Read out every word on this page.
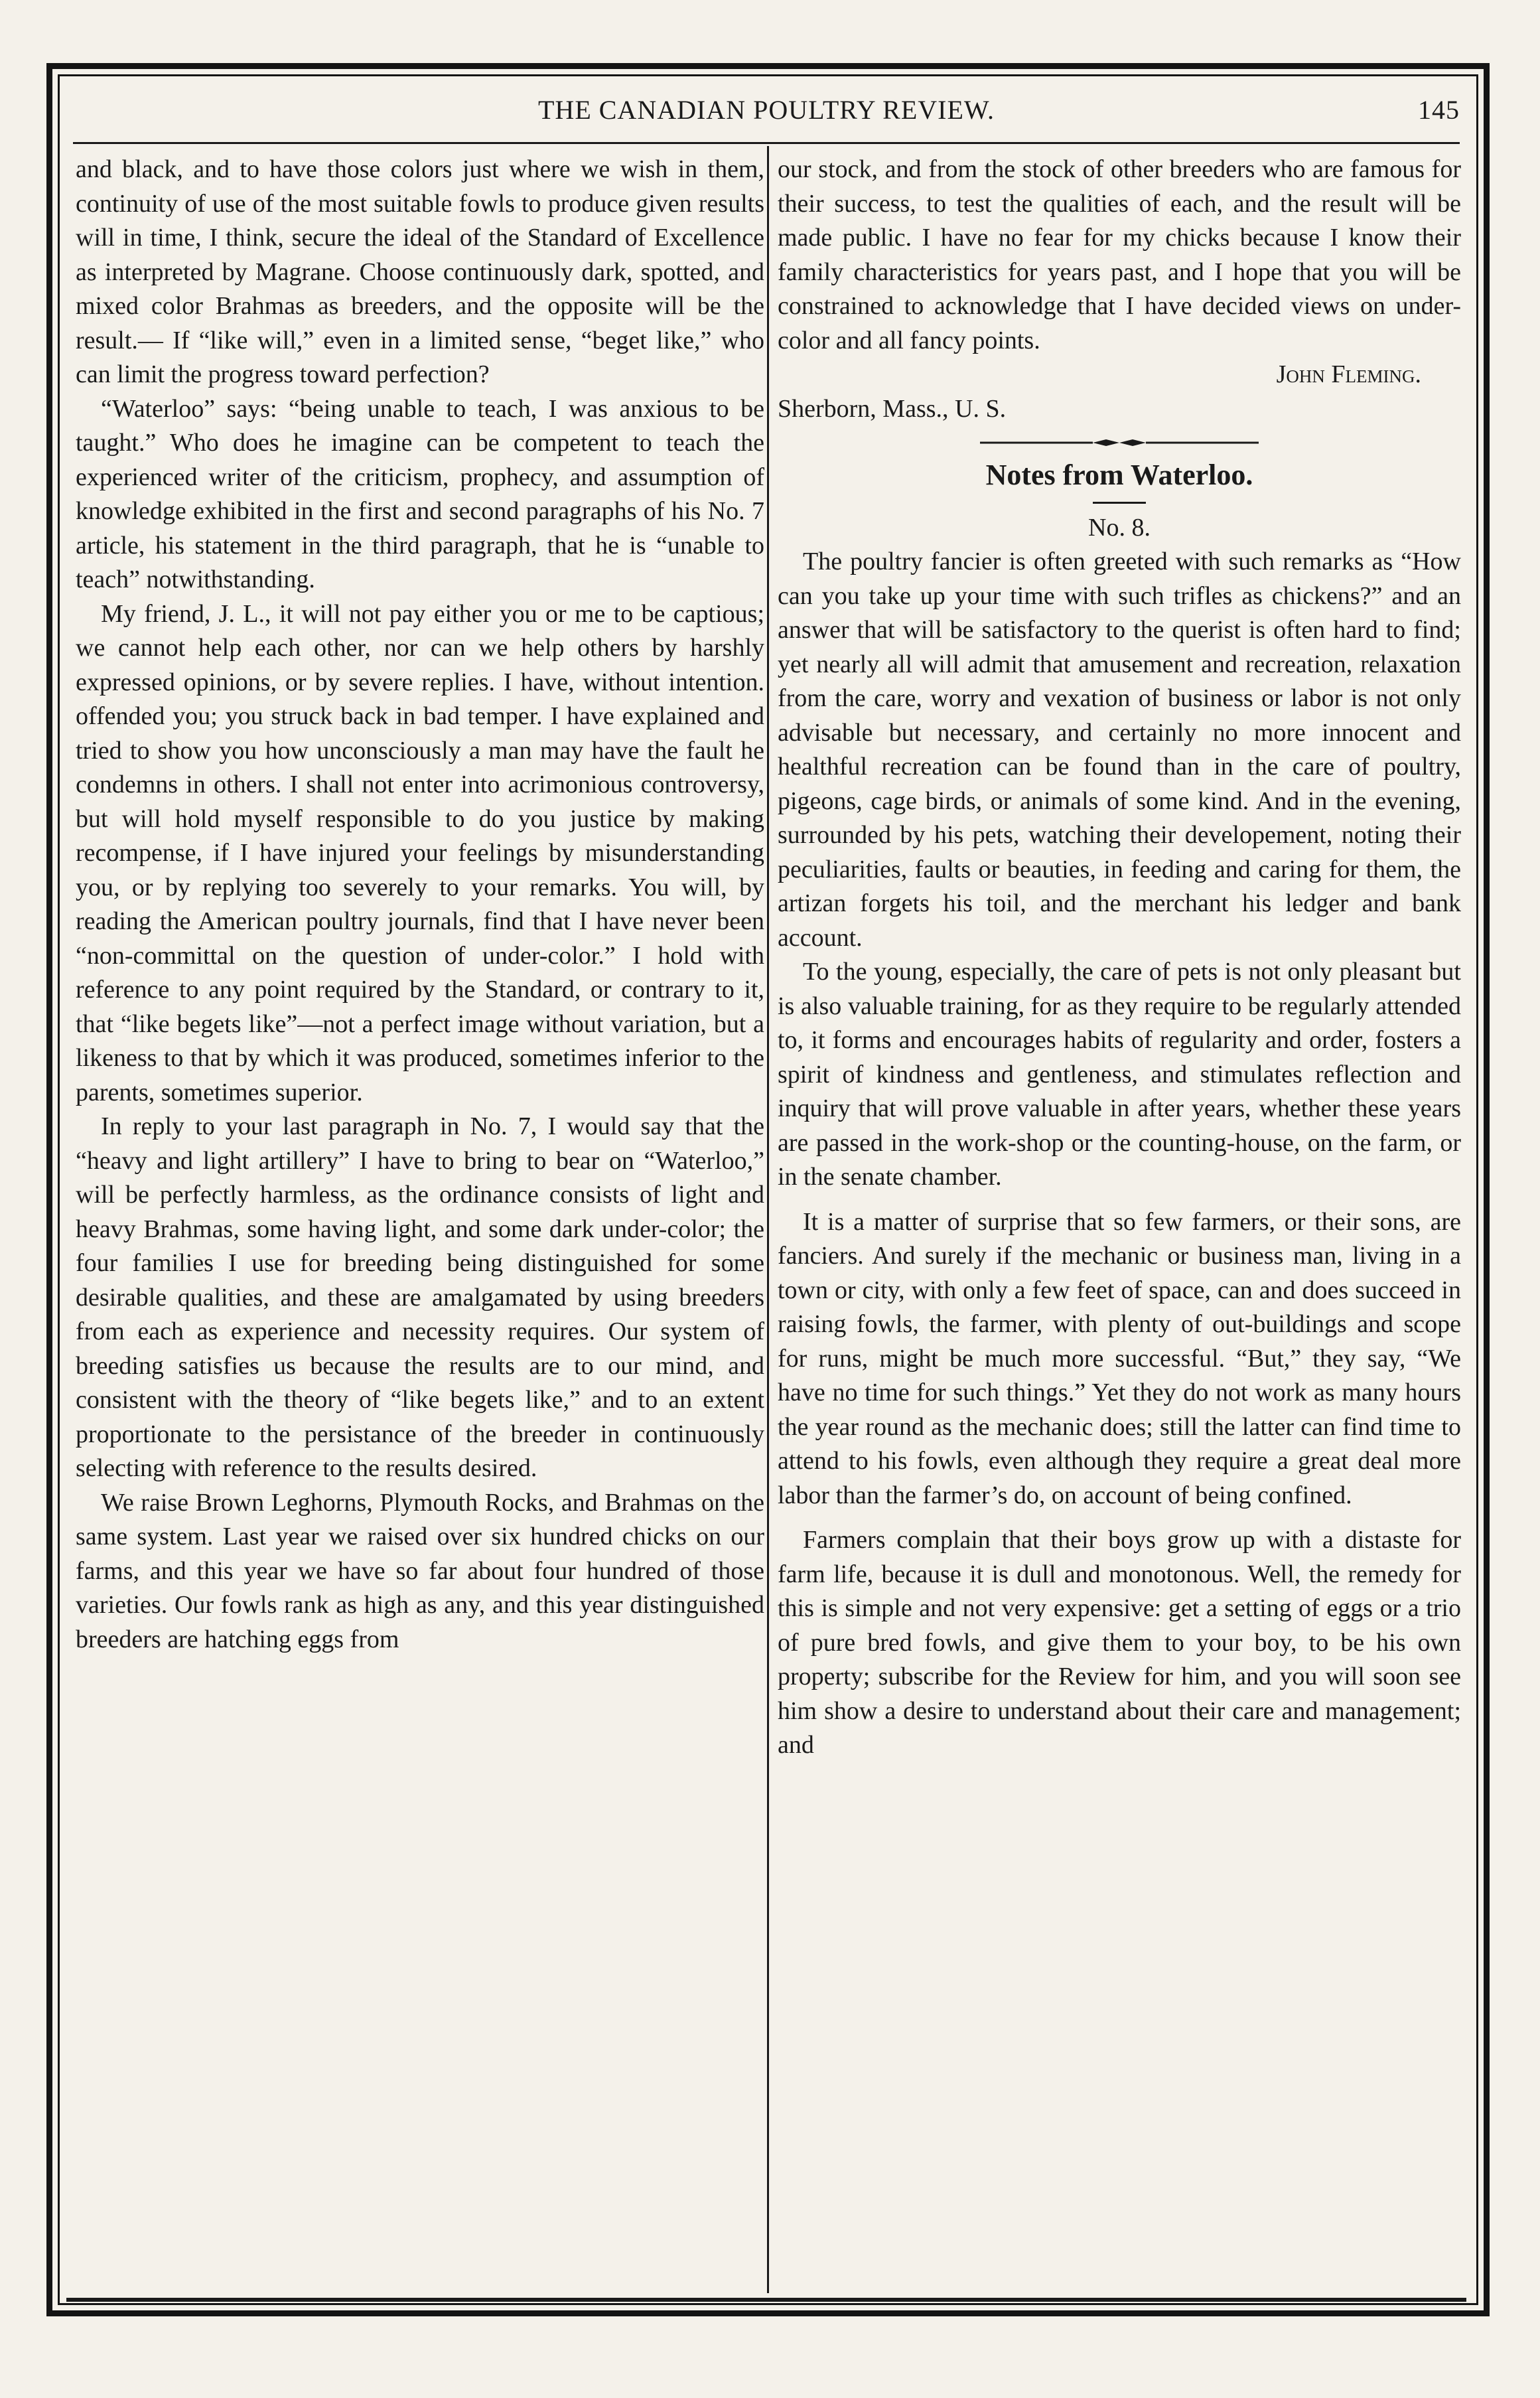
THE CANADIAN POULTRY REVIEW.	145

and black, and to have those colors just where we wish in them, continuity of use of the most suitable fowls to produce given results will in time, I think, secure the ideal of the Standard of Excellence as interpreted by Magrane. Choose continuously dark, spotted, and mixed color Brahmas as breeders, and the opposite will be the result.— If “like will,” even in a limited sense, “beget like,” who can limit the progress toward perfection?

“Waterloo” says: “being unable to teach, I was anxious to be taught.” Who does he imagine can be competent to teach the experienced writer of the criticism, prophecy, and assumption of knowledge exhibited in the first and second paragraphs of his No. 7 article, his statement in the third paragraph, that he is “unable to teach” notwithstanding.

My friend, J. L., it will not pay either you or me to be captious; we cannot help each other, nor can we help others by harshly expressed opinions, or by severe replies. I have, without intention. offended you; you struck back in bad temper. I have explained and tried to show you how unconsciously a man may have the fault he condemns in others. I shall not enter into acrimonious controversy, but will hold myself responsible to do you justice by making recompense, if I have injured your feelings by misunderstanding you, or by replying too severely to your remarks. You will, by reading the American poultry journals, find that I have never been “non-committal on the question of under-color.” I hold with reference to any point required by the Standard, or contrary to it, that “like begets like”—not a perfect image without variation, but a likeness to that by which it was produced, sometimes inferior to the parents, sometimes superior.

In reply to your last paragraph in No. 7, I would say that the “heavy and light artillery” I have to bring to bear on “Waterloo,” will be perfectly harmless, as the ordinance consists of light and heavy Brahmas, some having light, and some dark under-color; the four families I use for breeding being distinguished for some desirable qualities, and these are amalgamated by using breeders from each as experience and necessity requires. Our system of breeding satisfies us because the results are to our mind, and consistent with the theory of “like begets like,” and to an extent proportionate to the persistance of the breeder in continuously selecting with reference to the results desired.

We raise Brown Leghorns, Plymouth Rocks, and Brahmas on the same system. Last year we raised over six hundred chicks on our farms, and this year we have so far about four hundred of those varieties. Our fowls rank as high as any, and this year distinguished breeders are hatching eggs from

our stock, and from the stock of other breeders who are famous for their success, to test the qualities of each, and the result will be made public. I have no fear for my chicks because I know their family characteristics for years past, and I hope that you will be constrained to acknowledge that I have decided views on under-color and all fancy points.

John Fleming.

Sherborn, Mass., U. S.

Notes from Waterloo.

No. 8.

The poultry fancier is often greeted with such remarks as “How can you take up your time with such trifles as chickens?” and an answer that will be satisfactory to the querist is often hard to find; yet nearly all will admit that amusement and recreation, relaxation from the care, worry and vexation of business or labor is not only advisable but necessary, and certainly no more innocent and healthful recreation can be found than in the care of poultry, pigeons, cage birds, or animals of some kind. And in the evening, surrounded by his pets, watching their developement, noting their peculiarities, faults or beauties, in feeding and caring for them, the artizan forgets his toil, and the merchant his ledger and bank account.

To the young, especially, the care of pets is not only pleasant but is also valuable training, for as they require to be regularly attended to, it forms and encourages habits of regularity and order, fosters a spirit of kindness and gentleness, and stimulates reflection and inquiry that will prove valuable in after years, whether these years are passed in the work-shop or the counting-house, on the farm, or in the senate chamber.

It is a matter of surprise that so few farmers, or their sons, are fanciers. And surely if the mechanic or business man, living in a town or city, with only a few feet of space, can and does succeed in raising fowls, the farmer, with plenty of out-buildings and scope for runs, might be much more successful. “But,” they say, “We have no time for such things.” Yet they do not work as many hours the year round as the mechanic does; still the latter can find time to attend to his fowls, even although they require a great deal more labor than the farmer’s do, on account of being confined.

Farmers complain that their boys grow up with a distaste for farm life, because it is dull and monotonous. Well, the remedy for this is simple and not very expensive: get a setting of eggs or a trio of pure bred fowls, and give them to your boy, to be his own property; subscribe for the Review for him, and you will soon see him show a desire to understand about their care and management; and
